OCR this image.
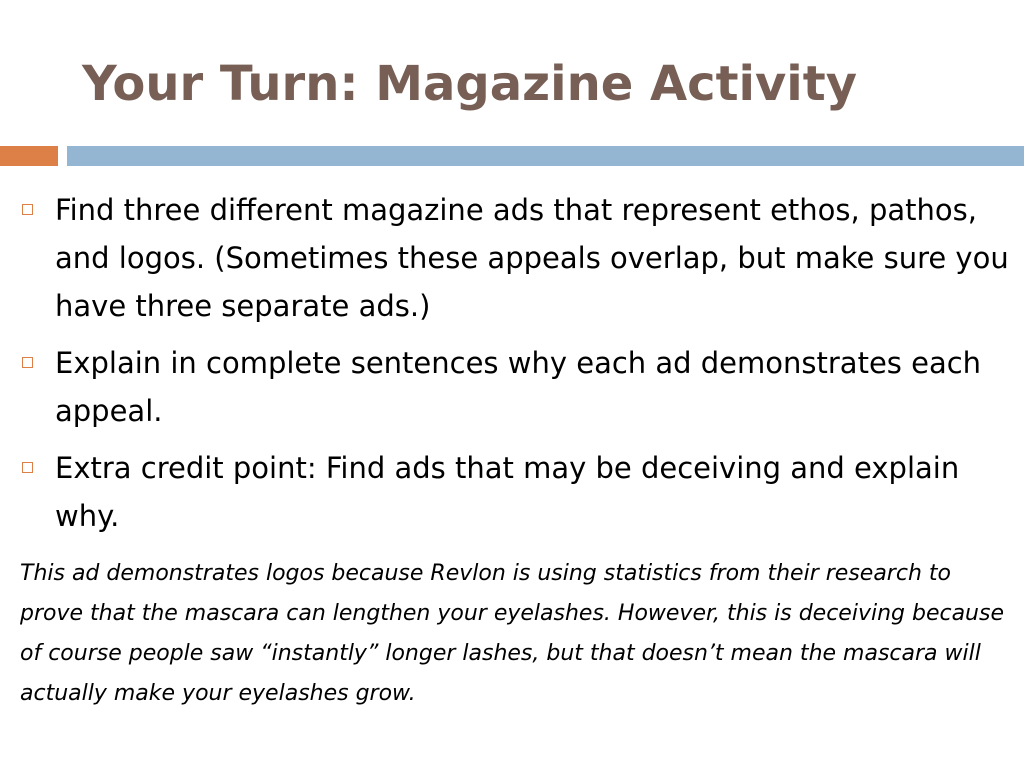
Your Turn: Magazine Activity
Find three different magazine ads that represent ethos, pathos, and logos. (Sometimes these appeals overlap, but make sure you have three separate ads.)
Explain in complete sentences why each ad demonstrates each appeal.
Extra credit point: Find ads that may be deceiving and explain why.

This ad demonstrates logos because Revlon is using statistics from their research to prove that the mascara can lengthen your eyelashes. However, this is deceiving because of course people saw “instantly” longer lashes, but that doesn’t mean the mascara will actually make your eyelashes grow.
